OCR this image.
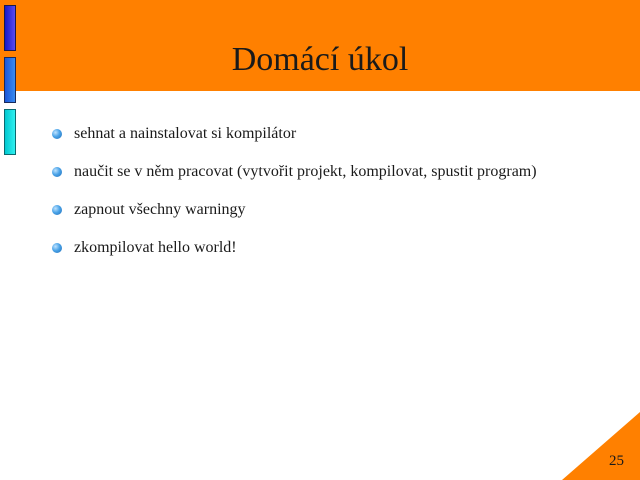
Domácí úkol
sehnat a nainstalovat si kompilátor
naučit se v něm pracovat (vytvořit projekt, kompilovat, spustit program)
zapnout všechny warningy
zkompilovat hello world!
25
